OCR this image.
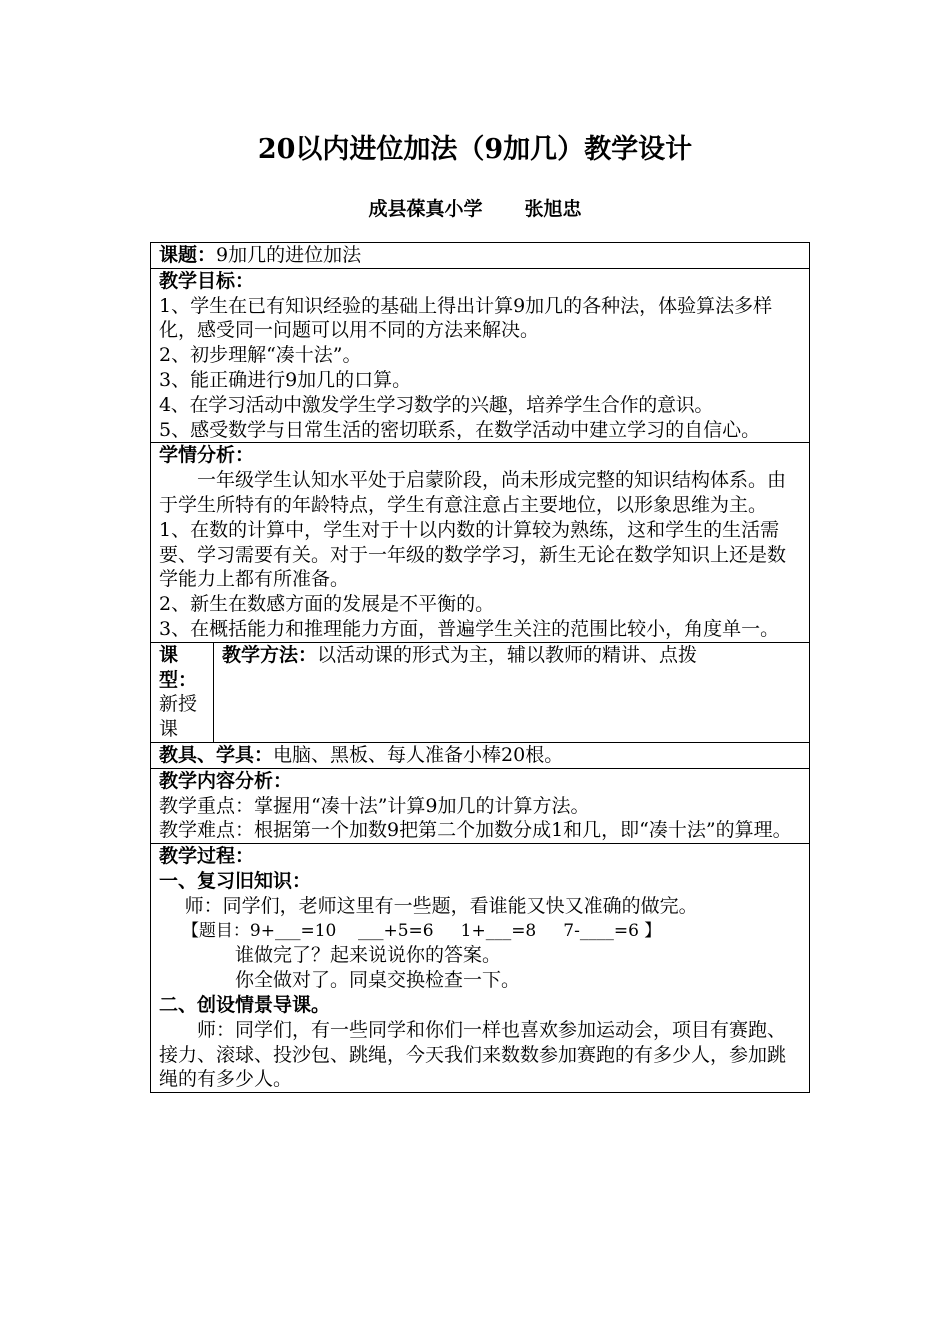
20以内进位加法（9加几）教学设计
成县葆真小学 张旭忠
课题：9加几的进位加法

教学目标：

1、学生在已有知识经验的基础上得出计算9加几的各种法，体验算法多样化，感受同一问题可以用不同的方法来解决。

2、初步理解“凑十法”。

3、能正确进行9加几的口算。

4、在学习活动中激发学生学习数学的兴趣，培养学生合作的意识。

5、感受数学与日常生活的密切联系，在数学活动中建立学习的自信心。

学情分析：

一年级学生认知水平处于启蒙阶段，尚未形成完整的知识结构体系。由于学生所特有的年龄特点，学生有意注意占主要地位，以形象思维为主。

1、在数的计算中，学生对于十以内数的计算较为熟练，这和学生的生活需要、学习需要有关。对于一年级的数学学习，新生无论在数学知识上还是数学能力上都有所准备。

2、新生在数感方面的发展是不平衡的。

3、在概括能力和推理能力方面，普遍学生关注的范围比较小，角度单一。

课型：
新授课
	教学方法：以活动课的形式为主，辅以教师的精讲、点拨
教具、学具：电脑、黑板、每人准备小棒20根。

教学内容分析：

教学重点：掌握用“凑十法”计算9加几的计算方法。

教学难点：根据第一个加数9把第二个加数分成1和几，即“凑十法”的算理。

教学过程：
一、复习旧知识：

师：同学们，老师这里有一些题，看谁能又快又准确的做完。

【题目：9+___=10    ___+5=6     1+___=8     7-____=6 】

谁做完了？起来说说你的答案。

你全做对了。同桌交换检查一下。

二、创设情景导课。

师：同学们，有一些同学和你们一样也喜欢参加运动会，项目有赛跑、接力、滚球、投沙包、跳绳，今天我们来数数参加赛跑的有多少人，参加跳绳的有多少人。
